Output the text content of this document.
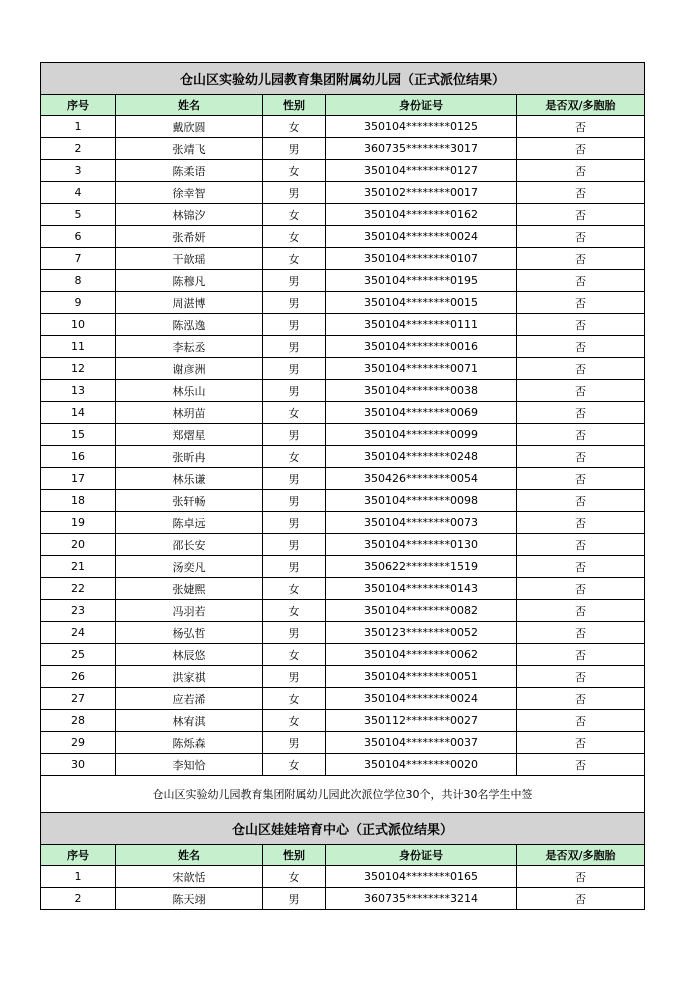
仓山区实验幼儿园教育集团附属幼儿园（正式派位结果）				
序号	姓名	性别	身份证号	是否双/多胞胎
1	戴欣圆	女	350104********0125	否
2	张靖飞	男	360735********3017	否
3	陈柔语	女	350104********0127	否
4	徐幸智	男	350102********0017	否
5	林锦汐	女	350104********0162	否
6	张希妍	女	350104********0024	否
7	干歆瑶	女	350104********0107	否
8	陈穆凡	男	350104********0195	否
9	周湛博	男	350104********0015	否
10	陈泓逸	男	350104********0111	否
11	李耘丞	男	350104********0016	否
12	谢彦洲	男	350104********0071	否
13	林乐山	男	350104********0038	否
14	林玥苗	女	350104********0069	否
15	郑熠星	男	350104********0099	否
16	张昕冉	女	350104********0248	否
17	林乐谦	男	350426********0054	否
18	张轩畅	男	350104********0098	否
19	陈卓远	男	350104********0073	否
20	邵长安	男	350104********0130	否
21	汤奕凡	男	350622********1519	否
22	张婕熙	女	350104********0143	否
23	冯羽若	女	350104********0082	否
24	杨弘哲	男	350123********0052	否
25	林辰悠	女	350104********0062	否
26	洪家祺	男	350104********0051	否
27	应若浠	女	350104********0024	否
28	林宥淇	女	350112********0027	否
29	陈烁森	男	350104********0037	否
30	李知恰	女	350104********0020	否
仓山区实验幼儿园教育集团附属幼儿园此次派位学位30个，共计30名学生中签				
仓山区娃娃培育中心（正式派位结果）				
序号	姓名	性别	身份证号	是否双/多胞胎
1	宋歆恬	女	350104********0165	否
2	陈天翊	男	360735********3214	否
